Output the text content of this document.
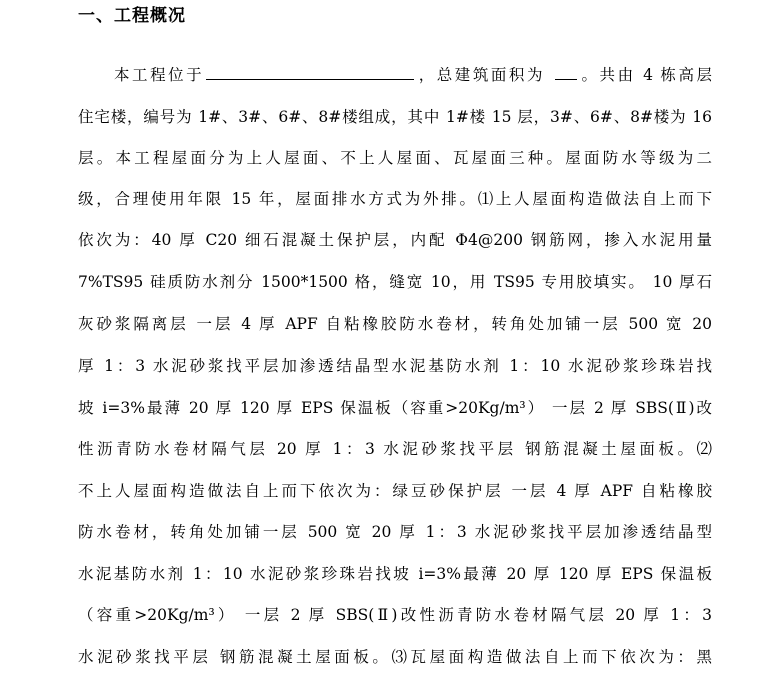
一、工程概况
本工程位于	，总建筑面积为 。共由 4 栋高层
住宅楼，编号为 1#、3#、6#、8#楼组成，其中 1#楼 15 层，3#、6#、8#楼为 16
层。本工程屋面分为上人屋面、不上人屋面、瓦屋面三种。屋面防水等级为二
级，合理使用年限 15 年，屋面排水方式为外排。⑴上人屋面构造做法自上而下
依次为：40 厚 C20 细石混凝土保护层，内配 Φ4@200 钢筋网，掺入水泥用量
7%TS95 硅质防水剂分 1500*1500 格，缝宽 10，用 TS95 专用胶填实。 10 厚石
灰砂浆隔离层 一层 4 厚 APF 自粘橡胶防水卷材，转角处加铺一层 500 宽 20
厚 1：3 水泥砂浆找平层加渗透结晶型水泥基防水剂 1：10 水泥砂浆珍珠岩找
坡 i=3%最薄 20 厚 120 厚 EPS 保温板（容重>20Kg/m³） 一层 2 厚 SBS(Ⅱ)改
性沥青防水卷材隔气层 20 厚 1：3 水泥砂浆找平层 钢筋混凝土屋面板。⑵
不上人屋面构造做法自上而下依次为：绿豆砂保护层 一层 4 厚 APF 自粘橡胶
防水卷材，转角处加铺一层 500 宽 20 厚 1：3 水泥砂浆找平层加渗透结晶型
水泥基防水剂 1：10 水泥砂浆珍珠岩找坡 i=3%最薄 20 厚 120 厚 EPS 保温板
（容重>20Kg/m³） 一层 2 厚 SBS(Ⅱ)改性沥青防水卷材隔气层 20 厚 1：3
水泥砂浆找平层 钢筋混凝土屋面板。⑶瓦屋面构造做法自上而下依次为：黑
